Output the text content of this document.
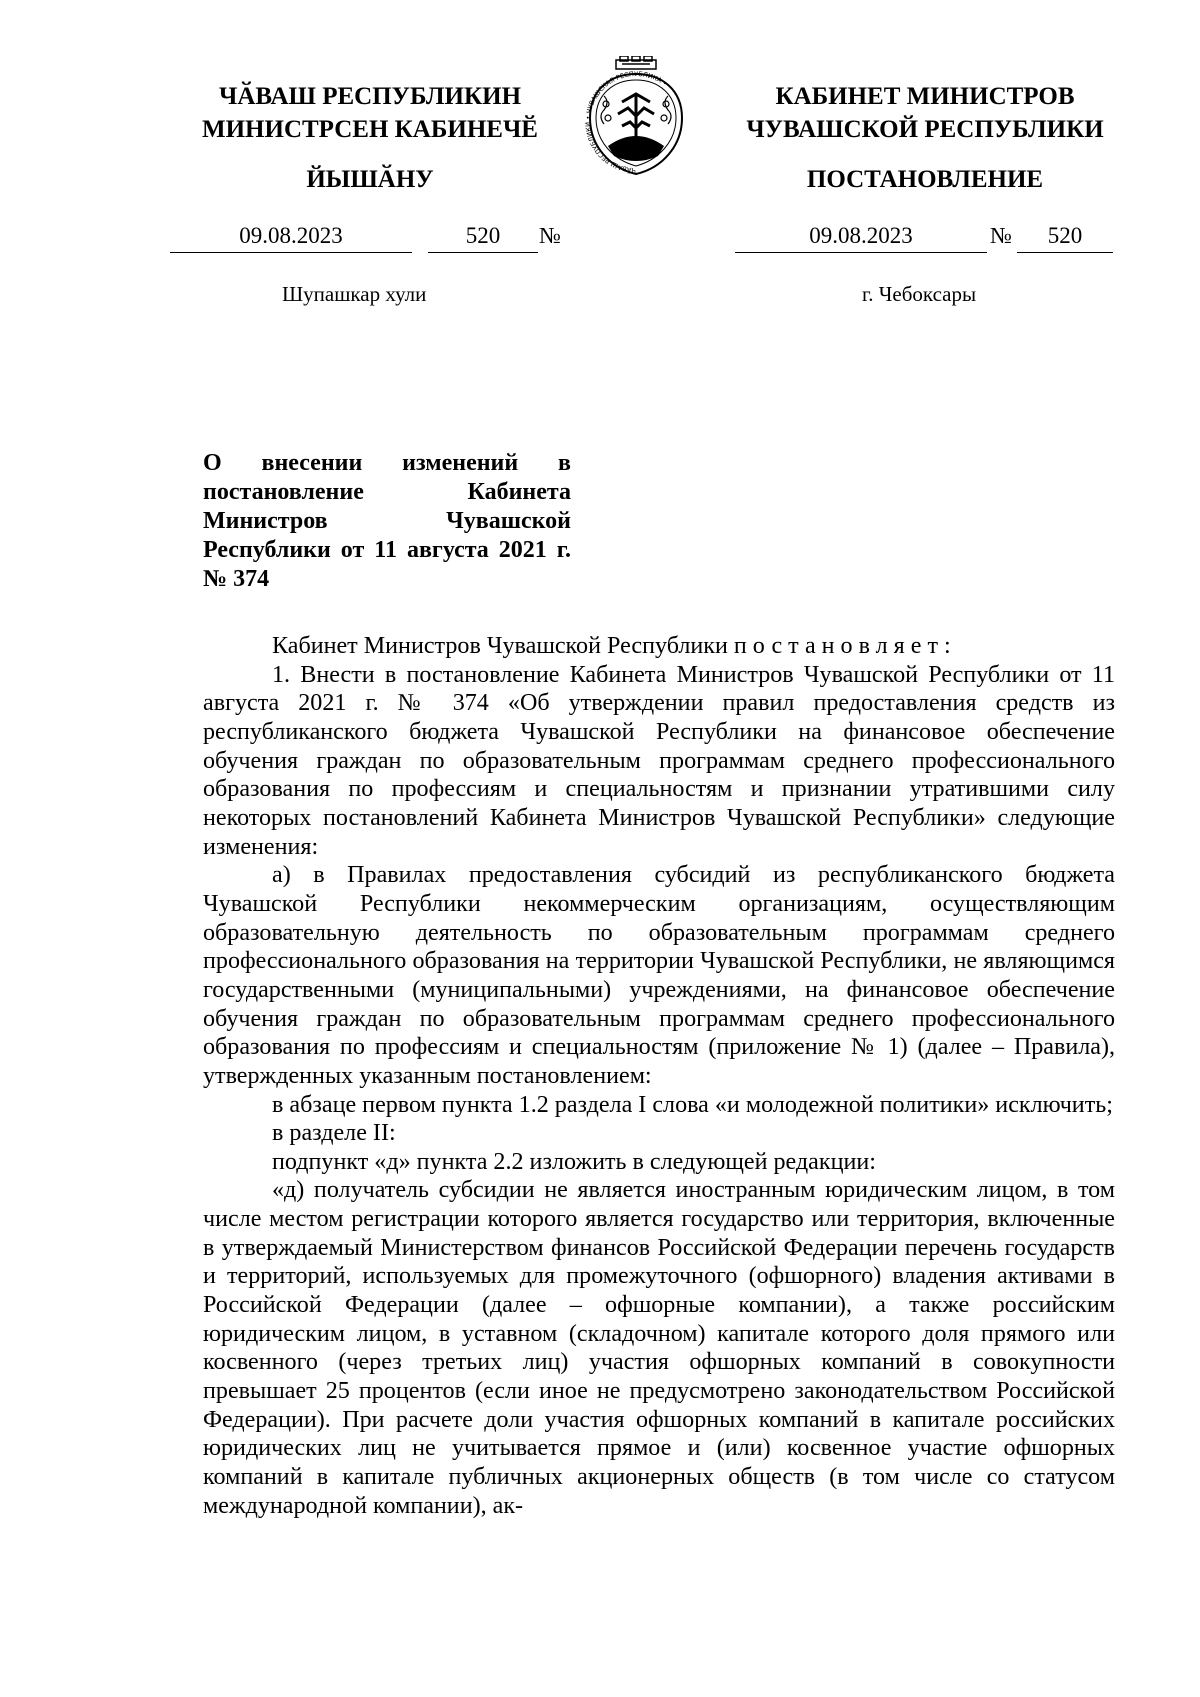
ЧӐВАШ РЕСПУБЛИКИН
МИНИСТРСЕН КАБИНЕЧӖ
ЙЫШӐНУ	ЧӐВАШ РЕСПУБЛИКИ • ЧУВАШСКАЯ РЕСПУБЛИКА •	КАБИНЕТ МИНИСТРОВ
ЧУВАШСКОЙ РЕСПУБЛИКИ
ПОСТАНОВЛЕНИЕ
09.08.2023	520	№	09.08.2023	№	520
Шупашкар хули	г. Чебоксары
О внесении изменений в постановление Кабинета Министров Чувашской Республики от 11 августа 2021 г. № 374

Кабинет Министров Чувашской Республики постановляет:

1. Внести в постановление Кабинета Министров Чувашской Республики от 11 августа 2021 г. № 374 «Об утверждении правил предоставления средств из республиканского бюджета Чувашской Республики на финансовое обеспечение обучения граждан по образовательным программам среднего профессионального образования по профессиям и специальностям и признании утратившими силу некоторых постановлений Кабинета Министров Чувашской Республики» следующие изменения:

а) в Правилах предоставления субсидий из республиканского бюджета Чувашской Республики некоммерческим организациям, осуществляющим образовательную деятельность по образовательным программам среднего профессионального образования на территории Чувашской Республики, не являющимся государственными (муниципальными) учреждениями, на финансовое обеспечение обучения граждан по образовательным программам среднего профессионального образования по профессиям и специальностям (приложение № 1) (далее – Правила), утвержденных указанным постановлением:

в абзаце первом пункта 1.2 раздела I слова «и молодежной политики» исключить;

в разделе II:

подпункт «д» пункта 2.2 изложить в следующей редакции:

«д) получатель субсидии не является иностранным юридическим лицом, в том числе местом регистрации которого является государство или территория, включенные в утверждаемый Министерством финансов Российской Федерации перечень государств и территорий, используемых для промежуточного (офшорного) владения активами в Российской Федерации (далее – офшорные компании), а также российским юридическим лицом, в уставном (складочном) капитале которого доля прямого или косвенного (через третьих лиц) участия офшорных компаний в совокупности превышает 25 процентов (если иное не предусмотрено законодательством Российской Федерации). При расчете доли участия офшорных компаний в капитале российских юридических лиц не учитывается прямое и (или) косвенное участие офшорных компаний в капитале публичных акционерных обществ (в том числе со статусом международной компании), ак-
